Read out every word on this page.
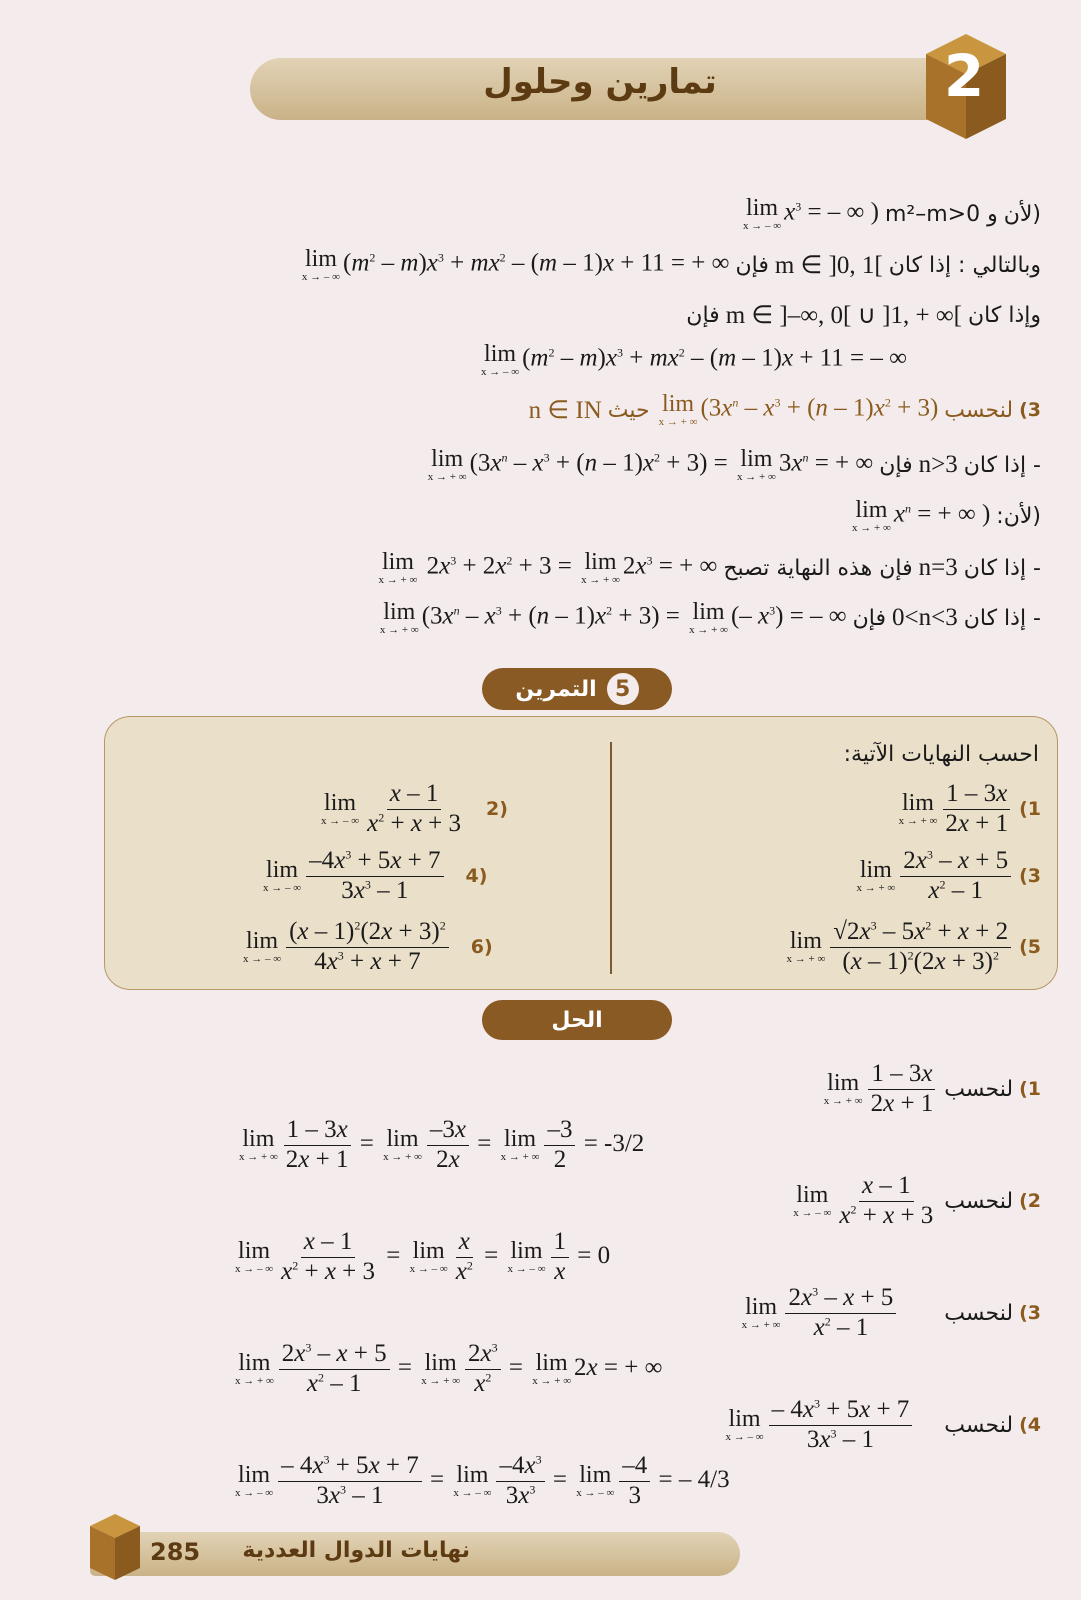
تمارين وحلول	2
(لأن
و m²–m>0
lim
x → – ∞
$x^3$ = – ∞ )
وبالتالي : إذا كان
m ∈ ]0, 1[
فإن
lim
x → – ∞
$(m^2 - m)x^3 + mx^2 - (m - 1)x + 11$ = + ∞
وإذا كان
m ∈ ]–∞, 0[ ∪ ]1, + ∞[
فإن
lim
x → – ∞
$(m^2 - m)x^3 + mx^2 - (m - 1)x + 11$ = – ∞
3)
لنحسب
lim
x → + ∞
$(3x^n - x^3 + (n - 1)x^2 + 3)$
حيث
n ∈ IN
- إذا كان
n>3
فإن
lim
x → + ∞
$(3x^n - x^3 + (n - 1)x^2 + 3) = \lim$
x → + ∞
$3x^n$ = + ∞
(لأن:
lim
x → + ∞
$x^n$ = + ∞ )
- إذا كان
n=3
فإن هذه النهاية تصبح
lim
x → + ∞
$2x^3 + 2x^2 + 3 = \lim$
x → + ∞
$2x^3$ = + ∞
- إذا كان
0<n<3
فإن
lim
x → + ∞
$(3x^n - x^3 + (n - 1)x^2 + 3) = \lim$
x → + ∞
(– $x^3$) = – ∞
التمرين 5
احسب النهايات الآتية:
1)
lim
x → + ∞ $\frac{1 - 3x}{2x + 1}$
lim
x → – ∞ $\frac{x - 1}{x^2 + x + 3} 2$)
3)
lim
x → + ∞ $\frac{2x^3 - x + 5}{x^2 - 1}$
lim
x → – ∞ $\frac{-4x^3 + 5x + 7}{3x^3 - 1} 4$)
5)
lim
x → + ∞ $\frac{√2x^3 - 5x^2 + x + 2}{(x - 1)^2(2x + 3)^2}$
lim
x → – ∞ $\frac{(x - 1)^2(2x + 3)^2}{4x^3 + x + 7} 6$)
الحل
1)
لنحسب
lim
x → + ∞ $\frac{1 - 3x}{2x + 1}$
lim
x → + ∞ $\frac{1 - 3x}{2x + 1} = \lim$
x → + ∞ $\frac{-3x}{2x} = \lim$
x → + ∞ $\frac{-3}{2} = -3/2$
2)
لنحسب
lim
x → – ∞ $\frac{x - 1}{x^2 + x + 3}$
lim
x → – ∞ $\frac{x - 1}{x^2 + x + 3} = \lim$
x → – ∞ $\frac{x}{x^2} = \lim$
x → – ∞ $\frac{1}{x} = 0$
3)
لنحسب
lim
x → + ∞ $\frac{2x^3 - x + 5}{x^2 - 1}$
lim
x → + ∞ $\frac{2x^3 - x + 5}{x^2 - 1} = \lim$
x → + ∞ $\frac{2x^3}{x^2} = \lim$
x → + ∞
2x = + ∞
4)
لنحسب
lim
x → – ∞ $\frac{- 4x^3 + 5x + 7}{3x^3 - 1}$
lim
x → – ∞ $\frac{- 4x^3 + 5x + 7}{3x^3 - 1} = \lim$
x → – ∞ $\frac{-4x^3}{3x^3} = \lim$
x → – ∞ $\frac{-4}{3}$ = – 4/3
285	نهايات الدوال العددية
